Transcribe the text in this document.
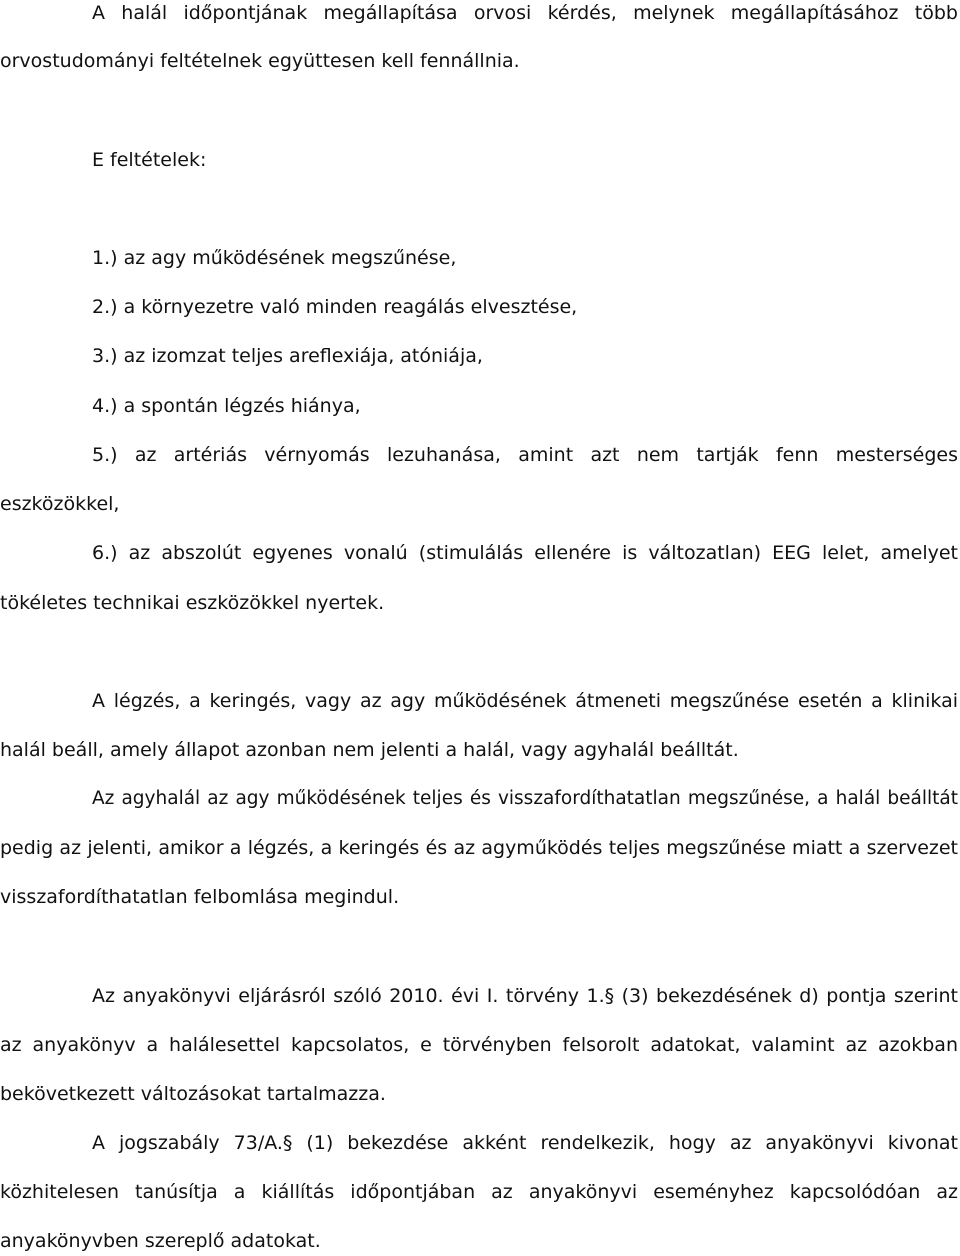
A halál időpontjának megállapítása orvosi kérdés, melynek megállapításához több
orvostudományi feltételnek együttesen kell fennállnia.
E feltételek:
1.) az agy működésének megszűnése,
2.) a környezetre való minden reagálás elvesztése,
3.) az izomzat teljes areflexiája, atóniája,
4.) a spontán légzés hiánya,
5.) az artériás vérnyomás lezuhanása, amint azt nem tartják fenn mesterséges
eszközökkel,
6.) az abszolút egyenes vonalú (stimulálás ellenére is változatlan) EEG lelet, amelyet
tökéletes technikai eszközökkel nyertek.
A légzés, a keringés, vagy az agy működésének átmeneti megszűnése esetén a klinikai
halál beáll, amely állapot azonban nem jelenti a halál, vagy agyhalál beálltát.
Az agyhalál az agy működésének teljes és visszafordíthatatlan megszűnése, a halál beálltát
pedig az jelenti, amikor a légzés, a keringés és az agyműködés teljes megszűnése miatt a szervezet
visszafordíthatatlan felbomlása megindul.
Az anyakönyvi eljárásról szóló 2010. évi I. törvény 1.§ (3) bekezdésének d) pontja szerint
az anyakönyv a halálesettel kapcsolatos, e törvényben felsorolt adatokat, valamint az azokban
bekövetkezett változásokat tartalmazza.
A jogszabály 73/A.§ (1) bekezdése akként rendelkezik, hogy az anyakönyvi kivonat
közhitelesen tanúsítja a kiállítás időpontjában az anyakönyvi eseményhez kapcsolódóan az
anyakönyvben szereplő adatokat.
